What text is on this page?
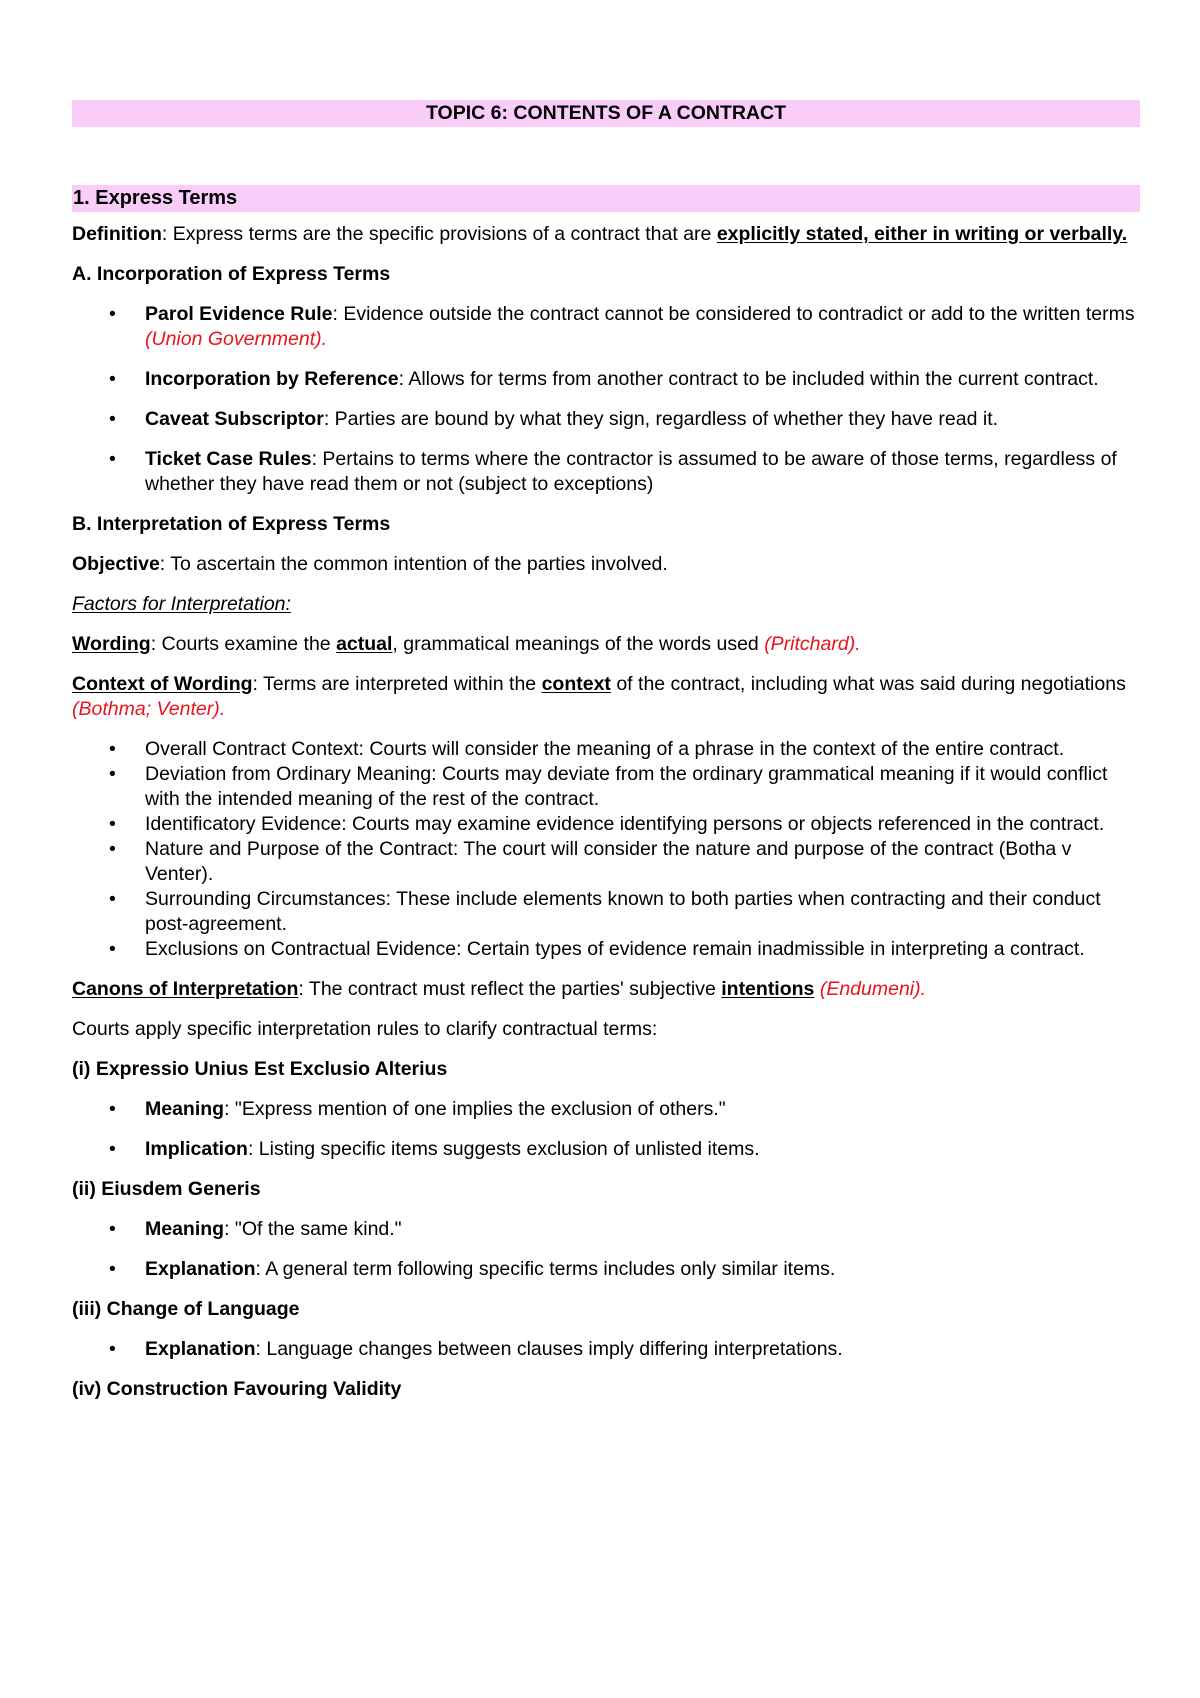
TOPIC 6: CONTENTS OF A CONTRACT
1. Express Terms

Definition: Express terms are the specific provisions of a contract that are explicitly stated, either in writing or verbally.

A. Incorporation of Express Terms

• Parol Evidence Rule: Evidence outside the contract cannot be considered to contradict or add to the written terms (Union Government).
• Incorporation by Reference: Allows for terms from another contract to be included within the current contract.
• Caveat Subscriptor: Parties are bound by what they sign, regardless of whether they have read it.
• Ticket Case Rules: Pertains to terms where the contractor is assumed to be aware of those terms, regardless of whether they have read them or not (subject to exceptions)

B. Interpretation of Express Terms

Objective: To ascertain the common intention of the parties involved.

Factors for Interpretation:

Wording: Courts examine the actual, grammatical meanings of the words used (Pritchard).

Context of Wording: Terms are interpreted within the context of the contract, including what was said during negotiations (Bothma; Venter).

• Overall Contract Context: Courts will consider the meaning of a phrase in the context of the entire contract.
• Deviation from Ordinary Meaning: Courts may deviate from the ordinary grammatical meaning if it would conflict with the intended meaning of the rest of the contract.
• Identificatory Evidence: Courts may examine evidence identifying persons or objects referenced in the contract.
• Nature and Purpose of the Contract: The court will consider the nature and purpose of the contract (Botha v Venter).
• Surrounding Circumstances: These include elements known to both parties when contracting and their conduct post-agreement.
• Exclusions on Contractual Evidence: Certain types of evidence remain inadmissible in interpreting a contract.

Canons of Interpretation: The contract must reflect the parties' subjective intentions (Endumeni).

Courts apply specific interpretation rules to clarify contractual terms:

(i) Expressio Unius Est Exclusio Alterius

• Meaning: "Express mention of one implies the exclusion of others."
• Implication: Listing specific items suggests exclusion of unlisted items.

(ii) Eiusdem Generis

• Meaning: "Of the same kind."
• Explanation: A general term following specific terms includes only similar items.

(iii) Change of Language

• Explanation: Language changes between clauses imply differing interpretations.

(iv) Construction Favouring Validity
